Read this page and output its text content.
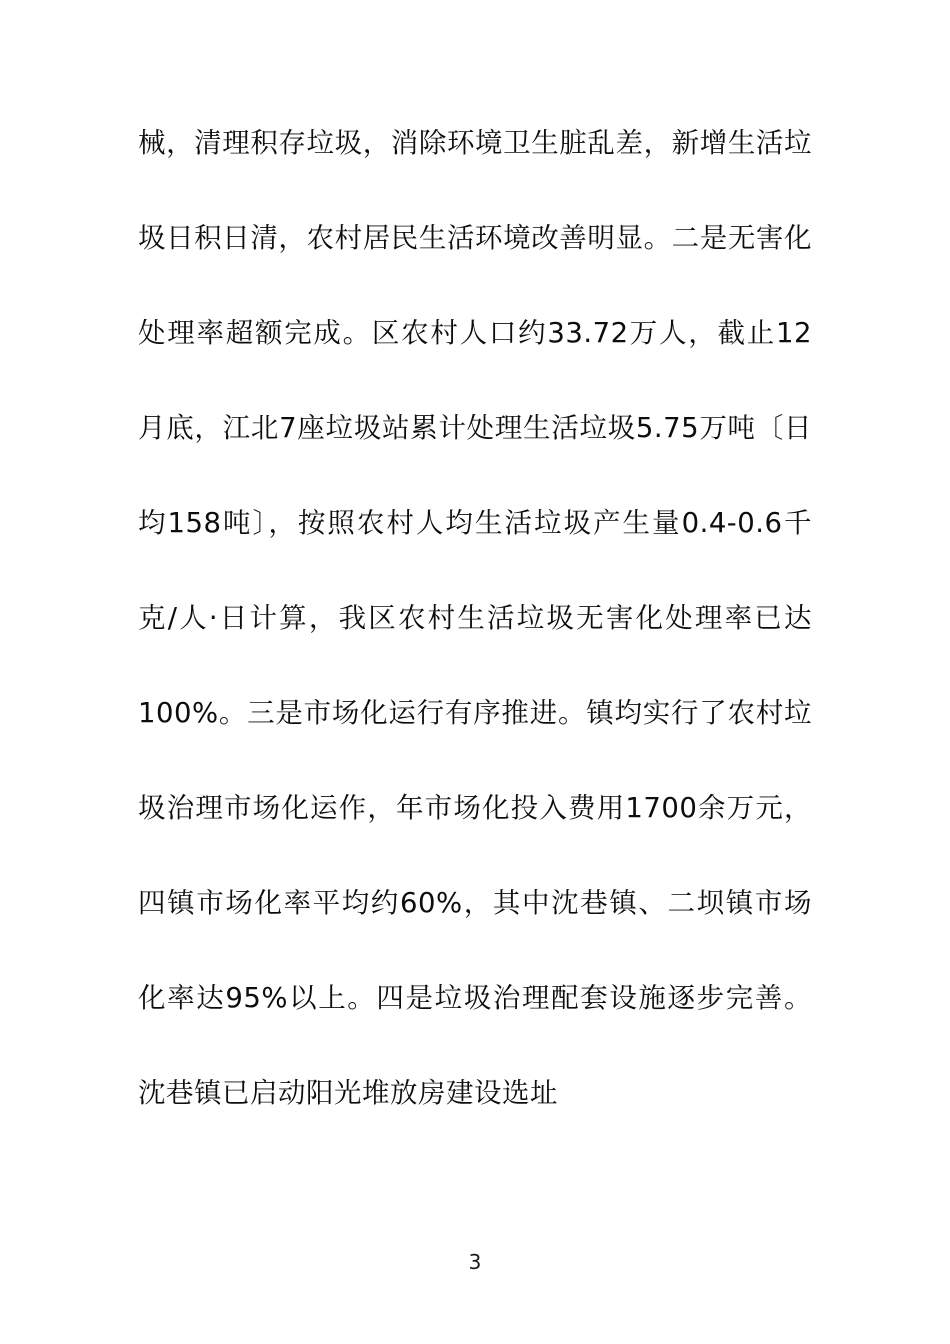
械，清理积存垃圾，消除环境卫生脏乱差，新增生活垃圾日积日清，农村居民生活环境改善明显。二是无害化处理率超额完成。区农村人口约33.72万人，截止12月底，江北7座垃圾站累计处理生活垃圾5.75万吨〔日均158吨〕，按照农村人均生活垃圾产生量0.4-0.6千克/人·日计算，我区农村生活垃圾无害化处理率已达100%。三是市场化运行有序推进。镇均实行了农村垃圾治理市场化运作，年市场化投入费用1700余万元，四镇市场化率平均约60%，其中沈巷镇、二坝镇市场化率达95%以上。四是垃圾治理配套设施逐步完善。沈巷镇已启动阳光堆放房建设选址

3
